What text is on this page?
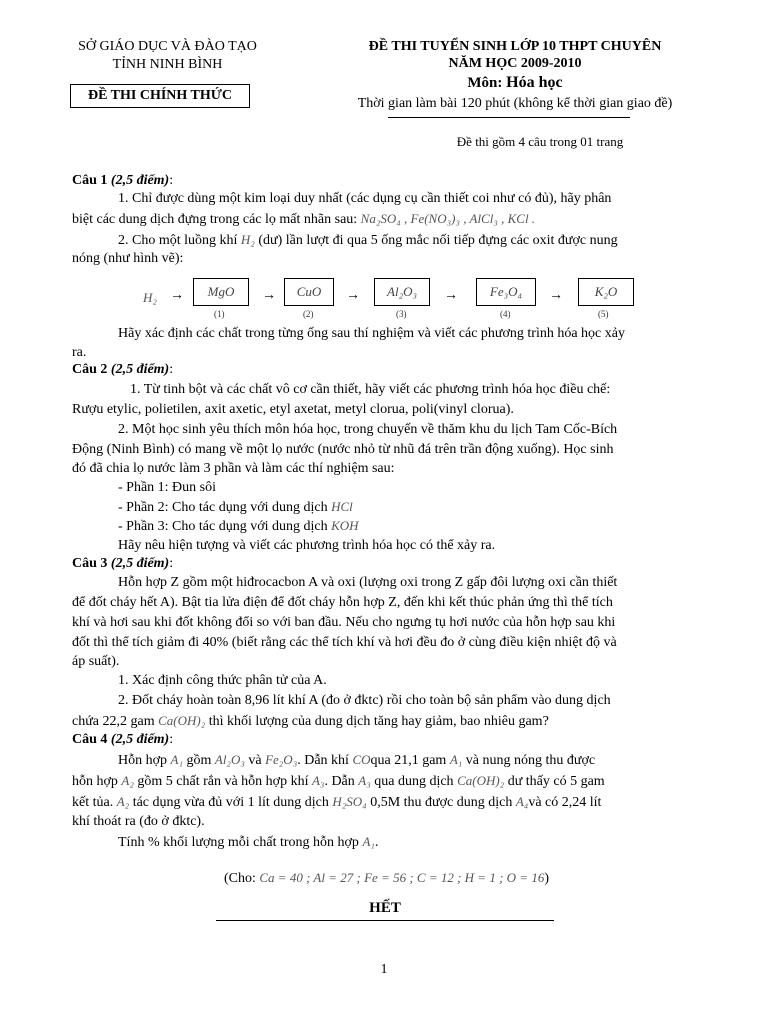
SỞ GIÁO DỤC VÀ ĐÀO TẠO
TỈNH NINH BÌNH
ĐỀ THI CHÍNH THỨC
ĐỀ THI TUYỂN SINH LỚP 10 THPT CHUYÊN
NĂM HỌC 2009-2010
Môn: Hóa học
Thời gian làm bài 120 phút (không kể thời gian giao đề)
Đề thi gồm 4 câu trong 01 trang
Câu 1 (2,5 điểm):
1. Chỉ được dùng một kim loại duy nhất (các dụng cụ cần thiết coi như có đủ), hãy phân
biệt các dung dịch đựng trong các lọ mất nhãn sau: Na₂SO₄ , Fe(NO₃)₃ , AlCl₃ , KCl .
2. Cho một luồng khí H₂ (dư) lần lượt đi qua 5 ống mắc nối tiếp đựng các oxit được nung
nóng (như hình vẽ):
H₂ →	MgO
(1)
→	CuO
(2)
→	Al₂O₃
(3)
→	Fe₃O₄
(4)
→	K₂O
(5)
Hãy xác định các chất trong từng ống sau thí nghiệm và viết các phương trình hóa học xảy
ra.
Câu 2 (2,5 điểm):
1. Từ tinh bột và các chất vô cơ cần thiết, hãy viết các phương trình hóa học điều chế:
Rượu etylic, polietilen, axit axetic, etyl axetat, metyl clorua, poli(vinyl clorua).
2. Một học sinh yêu thích môn hóa học, trong chuyến về thăm khu du lịch Tam Cốc-Bích
Động (Ninh Bình) có mang về một lọ nước (nước nhỏ từ nhũ đá trên trần động xuống). Học sinh
đó đã chia lọ nước làm 3 phần và làm các thí nghiệm sau:
- Phần 1: Đun sôi
- Phần 2: Cho tác dụng với dung dịch HCl
- Phần 3: Cho tác dụng với dung dịch KOH
Hãy nêu hiện tượng và viết các phương trình hóa học có thể xảy ra.
Câu 3 (2,5 điểm):
Hỗn hợp Z gồm một hiđrocacbon A và oxi (lượng oxi trong Z gấp đôi lượng oxi cần thiết
để đốt cháy hết A). Bật tia lửa điện để đốt cháy hỗn hợp Z, đến khi kết thúc phản ứng thì thể tích
khí và hơi sau khi đốt không đổi so với ban đầu. Nếu cho ngưng tụ hơi nước của hỗn hợp sau khi
đốt thì thể tích giảm đi 40% (biết rằng các thể tích khí và hơi đều đo ở cùng điều kiện nhiệt độ và
áp suất).
1. Xác định công thức phân tử của A.
2. Đốt cháy hoàn toàn 8,96 lít khí A (đo ở đktc) rồi cho toàn bộ sản phẩm vào dung dịch
chứa 22,2 gam Ca(OH)₂ thì khối lượng của dung dịch tăng hay giảm, bao nhiêu gam?
Câu 4 (2,5 điểm):
Hỗn hợp A₁ gồm Al₂O₃ và Fe₂O₃. Dẫn khí COqua 21,1 gam A₁ và nung nóng thu được
hỗn hợp A₂ gồm 5 chất rắn và hỗn hợp khí A₃. Dẫn A₃ qua dung dịch Ca(OH)₂ dư thấy có 5 gam
kết tủa. A₂ tác dụng vừa đủ với 1 lít dung dịch H₂SO₄ 0,5M thu được dung dịch A₄và có 2,24 lít
khí thoát ra (đo ở đktc).
Tính % khối lượng mỗi chất trong hỗn hợp A₁.
(Cho: Ca = 40 ; Al = 27 ; Fe = 56 ; C = 12 ; H = 1 ; O = 16)
HẾT
1
